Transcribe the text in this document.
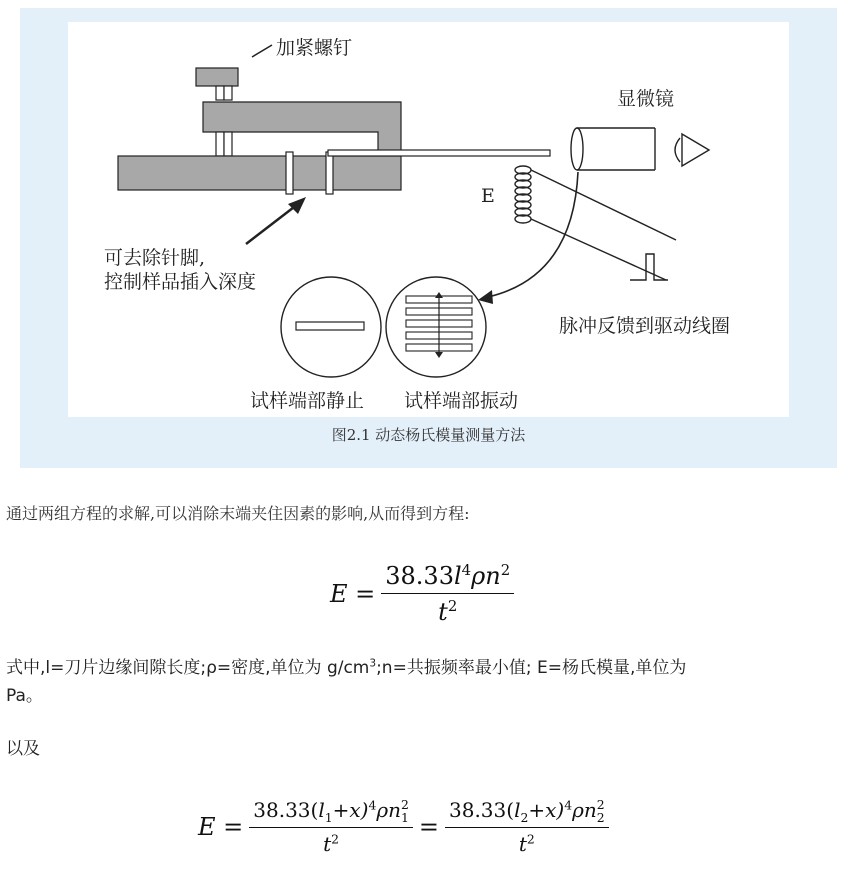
加紧螺钉
显微镜
E
可去除针脚,
控制样品插入深度
脉冲反馈到驱动线圈
试样端部静止 试样端部振动
图2.1 动态杨氏模量测量方法
通过两组方程的求解,可以消除末端夹住因素的影响,从而得到方程:
$E = \frac{38.33l^4\rho n^2}{t^2}$
式中,l=刀片边缘间隙长度;ρ=密度,单位为 $g/cm^3;n=$共振频率最小值; E=杨氏模量,单位为
Pa。
以及
$E = 38.33(l_1+x)^4\rho n$ 2
1
$t^2 = 38.33(l_2+x)^4\rho n$ 2
2
$t^2$
